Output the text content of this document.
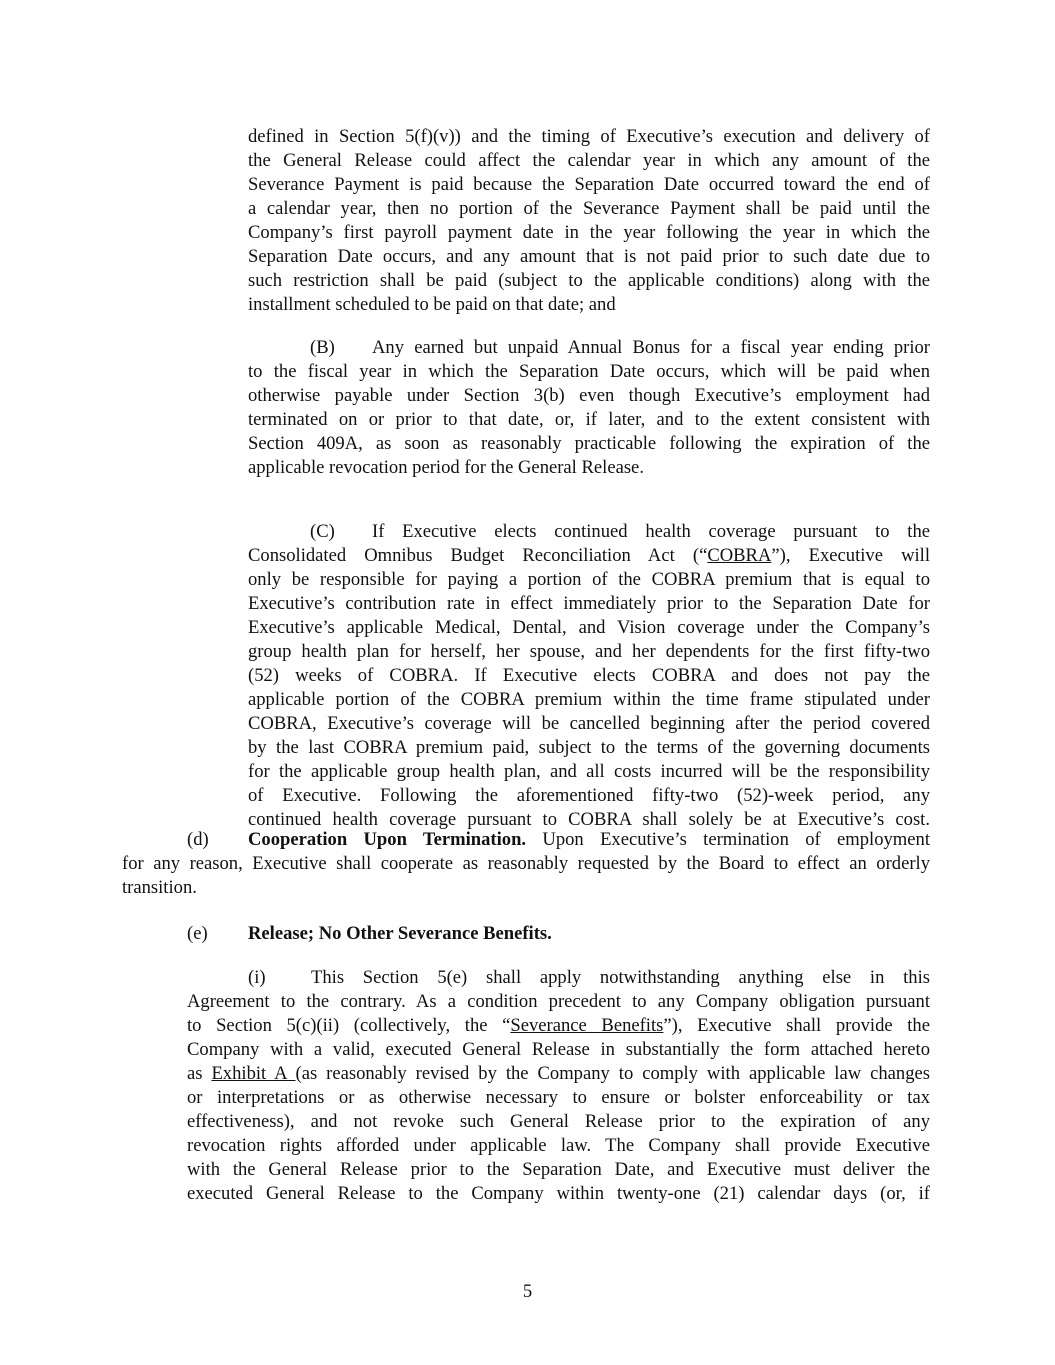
defined in Section 5(f)(v)) and the timing of Executive’s execution and delivery of
the General Release could affect the calendar year in which any amount of the
Severance Payment is paid because the Separation Date occurred toward the end of
a calendar year, then no portion of the Severance Payment shall be paid until the
Company’s first payroll payment date in the year following the year in which the
Separation Date occurs, and any amount that is not paid prior to such date due to
such restriction shall be paid (subject to the applicable conditions) along with the
installment scheduled to be paid on that date; and
(B) Any earned but unpaid Annual Bonus for a fiscal year ending prior
to the fiscal year in which the Separation Date occurs, which will be paid when
otherwise payable under Section 3(b) even though Executive’s employment had
terminated on or prior to that date, or, if later, and to the extent consistent with
Section 409A, as soon as reasonably practicable following the expiration of the
applicable revocation period for the General Release.
(C) If Executive elects continued health coverage pursuant to the
Consolidated Omnibus Budget Reconciliation Act (“COBRA”), Executive will
only be responsible for paying a portion of the COBRA premium that is equal to
Executive’s contribution rate in effect immediately prior to the Separation Date for
Executive’s applicable Medical, Dental, and Vision coverage under the Company’s
group health plan for herself, her spouse, and her dependents for the first fifty-two
(52) weeks of COBRA. If Executive elects COBRA and does not pay the
applicable portion of the COBRA premium within the time frame stipulated under
COBRA, Executive’s coverage will be cancelled beginning after the period covered
by the last COBRA premium paid, subject to the terms of the governing documents
for the applicable group health plan, and all costs incurred will be the responsibility
of Executive. Following the aforementioned fifty-two (52)-week period, any
continued health coverage pursuant to COBRA shall solely be at Executive’s cost.
(d) Cooperation Upon Termination. Upon Executive’s termination of employment
for any reason, Executive shall cooperate as reasonably requested by the Board to effect an orderly
transition.
(e) Release; No Other Severance Benefits.
(i) This Section 5(e) shall apply notwithstanding anything else in this
Agreement to the contrary. As a condition precedent to any Company obligation pursuant
to Section 5(c)(ii) (collectively, the “Severance Benefits”), Executive shall provide the
Company with a valid, executed General Release in substantially the form attached hereto
as Exhibit A (as reasonably revised by the Company to comply with applicable law changes
or interpretations or as otherwise necessary to ensure or bolster enforceability or tax
effectiveness), and not revoke such General Release prior to the expiration of any
revocation rights afforded under applicable law. The Company shall provide Executive
with the General Release prior to the Separation Date, and Executive must deliver the
executed General Release to the Company within twenty-one (21) calendar days (or, if
5
